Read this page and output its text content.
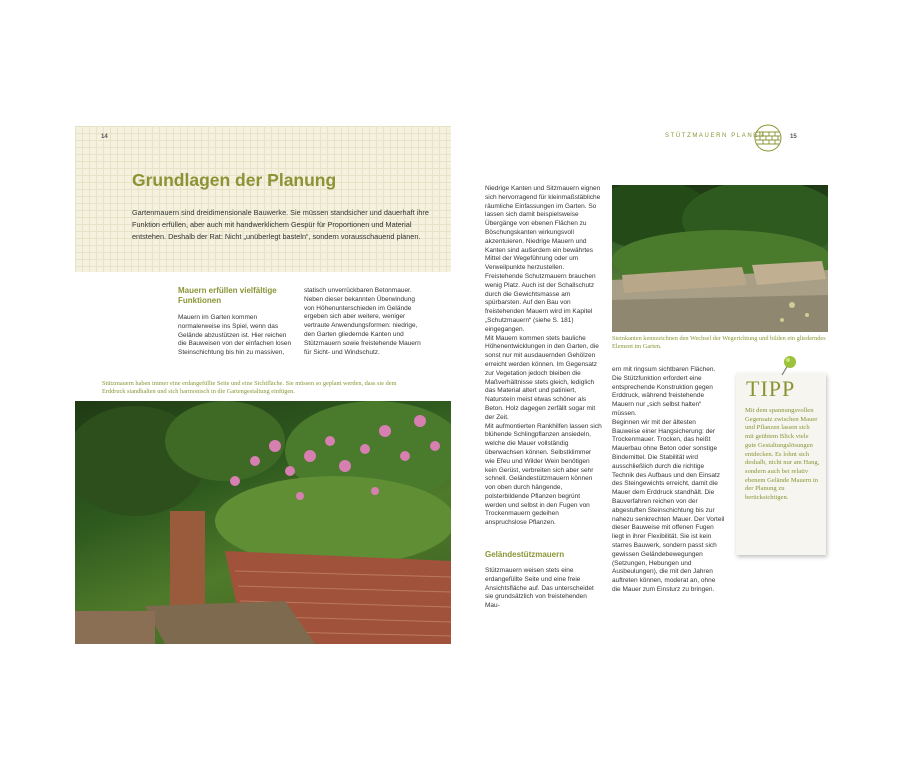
14
Grundlagen der Planung
Gartenmauern sind dreidimensionale Bauwerke. Sie müssen standsicher und dauerhaft ihre Funktion erfüllen, aber auch mit handwerklichem Gespür für Proportionen und Material entstehen. Deshalb der Rat: Nicht „unüberlegt basteln“, sondern vorausschauend planen.
Mauern erfüllen vielfältige Funktionen
Mauern im Garten kommen normalerweise ins Spiel, wenn das Gelände abzustützen ist. Hier reichen die Bauweisen von der einfachen losen Steinschichtung bis hin zu massiven,
statisch unverrückbaren Betonmauer. Neben dieser bekannten Überwindung von Höhenunterschieden im Gelände ergeben sich aber weitere, weniger vertraute Anwendungsformen: niedrige, den Garten gliedernde Kanten und Stützmauern sowie freistehende Mauern für Sicht- und Windschutz.
Stützmauern haben immer eine erdangefüllte Seite und eine Sichtfläche. Sie müssen so geplant werden, dass sie dem Erddruck standhalten und sich harmonisch in die Gartengestaltung einfügen.
STÜTZMAUERN PLANEN	15

Niedrige Kanten und Sitzmauern eignen sich hervorragend für kleinmaßstäbliche räumliche Einfassungen im Garten. So lassen sich damit beispielsweise Übergänge von ebenen Flächen zu Böschungskanten wirkungsvoll akzentuieren. Niedrige Mauern und Kanten sind außerdem ein bewährtes Mittel der Wegeführung oder um Verweilpunkte herzustellen.

Freistehende Schutzmauern brauchen wenig Platz. Auch ist der Schallschutz durch die Gewichtsmasse am spürbarsten. Auf den Bau von freistehenden Mauern wird im Kapitel „Schutzmauern“ (siehe S. 181) eingegangen.

Mit Mauern kommen stets bauliche Höhenentwicklungen in den Garten, die sonst nur mit ausdauernden Gehölzen erreicht werden können. Im Gegensatz zur Vegetation jedoch bleiben die Maßverhältnisse stets gleich, lediglich das Material altert und patiniert, Natursteín meist etwas schöner als Beton. Holz dagegen zerfällt sogar mit der Zeit.

Mit aufmontierten Rankhilfen lassen sich blühende Schlingpflanzen ansiedeln, welche die Mauer vollständig überwachsen können. Selbstklimmer wie Efeu und Wilder Wein benötigen kein Gerüst, verbreiten sich aber sehr schnell. Geländestützmauern können von oben durch hängende, polsterbildende Pflanzen begrünt werden und selbst in den Fugen von Trockenmauern gedeihen anspruchslose Pflanzen.

Geländestützmauern
Stützmauern weisen stets eine erdangefüllte Seite und eine freie Ansichtsfläche auf. Das unterscheidet sie grundsätzlich von freistehenden Mau-

ern mit ringsum sichtbaren Flächen. Die Stützfunktion erfordert eine entsprechende Konstruktion gegen Erddruck, während freistehende Mauern nur „sich selbst halten“ müssen.

Beginnen wir mit der ältesten Bauweise einer Hangsicherung: der Trockenmauer. Trocken, das heißt Mauerbau ohne Beton oder sonstige Bindemittel. Die Stabilität wird ausschließlich durch die richtige Technik des Aufbaus und den Einsatz des Steingewichts erreicht, damit die Mauer dem Erddruck standhält. Die Bauverfahren reichen von der abgestuften Steinschichtung bis zur nahezu senkrechten Mauer. Der Vorteil dieser Bauweise mit offenen Fugen liegt in ihrer Flexibilität. Sie ist kein starres Bauwerk, sondern passt sich gewissen Geländebewegungen (Setzungen, Hebungen und Ausbeulungen), die mit den Jahren auftreten können, moderat an, ohne die Mauer zum Einsturz zu bringen.

Steinkanten kennzeichnen den Wechsel der Wegerichtung und bilden ein gliederndes Element im Garten.
TIPP
Mit dem spannungsvollen Gegensatz zwischen Mauer und Pflanzen lassen sich mit geübtem Blick viele gute Gestaltungslösungen entdecken. Es lohnt sich deshalb, nicht nur am Hang, sondern auch bei relativ ebenem Gelände Mauern in der Planung zu berücksichtigen.
